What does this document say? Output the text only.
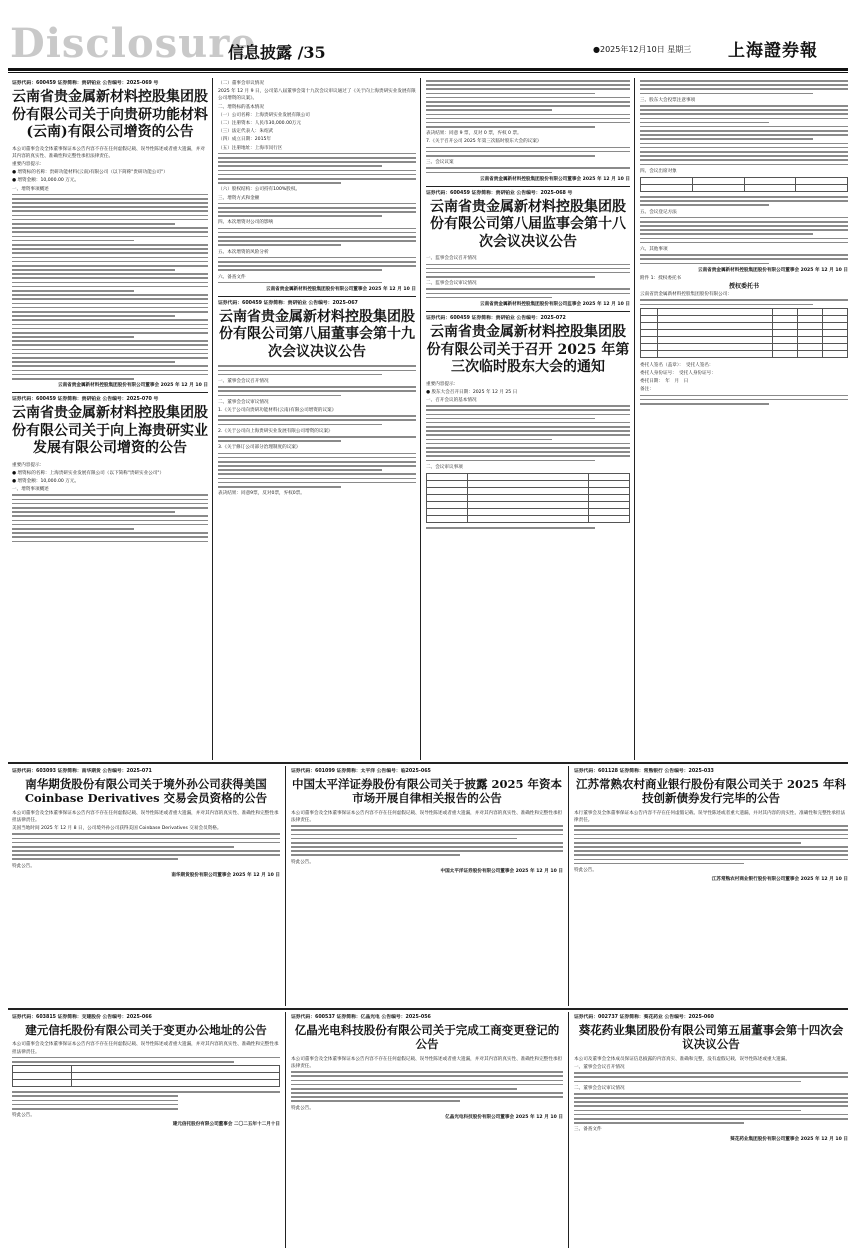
Disclosure
信息披露 /35	●2025年12月10日 星期三 上海證券報

证券代码：600459 证券简称：贵研铂业 公告编号：2025-069 号

云南省贵金属新材料控股集团股份有限公司关于向贵研功能材料(云南)有限公司增资的公告

本公司董事会及全体董事保证本公告内容不存在任何虚假记载、误导性陈述或者重大遗漏，并对其内容的真实性、准确性和完整性承担法律责任。

重要内容提示：

● 增资标的名称：贵研功能材料(云南)有限公司（以下简称"贵研功能公司"）

● 增资金额：10,000.00 万元。

一、增资事项概述

云南省贵金属新材料控股集团股份有限公司董事会 2025 年 12 月 10 日

证券代码：600459 证券简称：贵研铂业 公告编号：2025-070 号

云南省贵金属新材料控股集团股份有限公司关于向上海贵研实业发展有限公司增资的公告

重要内容提示：

● 增资标的名称：上海贵研实业发展有限公司（以下简称"贵研实业公司"）

● 增资金额：10,000.00 万元。

一、增资事项概述

（二）董事会审议情况

2025 年 12 月 9 日，公司第八届董事会第十九次会议审议通过了《关于向上海贵研实业发展有限公司增资的议案》。

二、增资标的基本情况

（一）公司名称：上海贵研实业发展有限公司

（二）注册资本：人民币30,000.00万元

（三）法定代表人：朱绍武

（四）成立日期：2015年

（五）注册地址：上海市闵行区

（六）股权结构：公司持有100%股权。

三、增资方式和金额

四、本次增资对公司的影响

五、本次增资的风险分析

六、备查文件

云南省贵金属新材料控股集团股份有限公司董事会 2025 年 12 月 10 日

证券代码：600459 证券简称：贵研铂业 公告编号：2025-067

云南省贵金属新材料控股集团股份有限公司第八届董事会第十九次会议决议公告

一、董事会会议召开情况

二、董事会会议审议情况

1.《关于公司向贵研功能材料(云南)有限公司增资的议案》

2.《关于公司向上海贵研实业发展有限公司增资的议案》

3.《关于修订公司部分治理制度的议案》

表决结果：同意9票，反对0票，弃权0票。

表决结果：同意 9 票，反对 0 票，弃权 0 票。

7.《关于召开公司 2025 年第三次临时股东大会的议案》

三、会议议案

云南省贵金属新材料控股集团股份有限公司董事会 2025 年 12 月 10 日

证券代码：600459 证券简称：贵研铂业 公告编号：2025-068 号

云南省贵金属新材料控股集团股份有限公司第八届监事会第十八次会议决议公告

一、监事会会议召开情况

二、监事会会议审议情况

云南省贵金属新材料控股集团股份有限公司监事会 2025 年 12 月 10 日

证券代码：600459 证券简称：贵研铂业 公告编号：2025-072

云南省贵金属新材料控股集团股份有限公司关于召开 2025 年第三次临时股东大会的通知

重要内容提示：

● 股东大会召开日期：2025 年 12 月 25 日

一、召开会议的基本情况

二、会议审议事项

三、股东大会投票注意事项

四、会议出席对象

五、会议登记方法

六、其他事项

云南省贵金属新材料控股集团股份有限公司董事会 2025 年 12 月 10 日

附件 1：授权委托书

授权委托书

云南省贵金属新材料控股集团股份有限公司：

委托人签名（盖章）：　受托人签名：

委托人身份证号：　受托人身份证号：

委托日期：　年　月　日

备注：

证券代码：603093 证券简称：南华期货 公告编号：2025-071

南华期货股份有限公司关于境外孙公司获得美国 Coinbase Derivatives 交易会员资格的公告

本公司董事会及全体董事保证本公告内容不存在任何虚假记载、误导性陈述或者重大遗漏，并对其内容的真实性、准确性和完整性承担法律责任。

美国当地时间 2025 年 12 月 8 日，公司境外孙公司获得美国 Coinbase Derivatives 交易会员资格。

特此公告。

南华期货股份有限公司董事会 2025 年 12 月 10 日

证券代码：601099 证券简称：太平洋 公告编号：临2025-065

中国太平洋证券股份有限公司关于披露 2025 年资本市场开展自律相关报告的公告

本公司董事会及全体董事保证本公告内容不存在任何虚假记载、误导性陈述或者重大遗漏，并对其内容的真实性、准确性和完整性承担法律责任。

特此公告。

中国太平洋证券股份有限公司董事会 2025 年 12 月 10 日

证券代码：601128 证券简称：常熟银行 公告编号：2025-033

江苏常熟农村商业银行股份有限公司关于 2025 年科技创新债券发行完毕的公告

本行董事会及全体董事保证本公告内容不存在任何虚假记载、误导性陈述或者重大遗漏，并对其内容的真实性、准确性和完整性承担法律责任。

特此公告。

江苏常熟农村商业银行股份有限公司董事会 2025 年 12 月 10 日

证券代码：603815 证券简称：交建股份 公告编号：2025-066

建元信托股份有限公司关于变更办公地址的公告

本公司董事会及全体董事保证本公告内容不存在任何虚假记载、误导性陈述或者重大遗漏，并对其内容的真实性、准确性和完整性承担法律责任。

特此公告。

建元信托股份有限公司董事会 二〇二五年十二月十日

证券代码：600537 证券简称：亿晶光电 公告编号：2025-056

亿晶光电科技股份有限公司关于完成工商变更登记的公告

本公司董事会及全体董事保证本公告内容不存在任何虚假记载、误导性陈述或者重大遗漏，并对其内容的真实性、准确性和完整性承担法律责任。

特此公告。

亿晶光电科技股份有限公司董事会 2025 年 12 月 10 日

证券代码：002737 证券简称：葵花药业 公告编号：2025-060

葵花药业集团股份有限公司第五届董事会第十四次会议决议公告

本公司及董事会全体成员保证信息披露的内容真实、准确和完整，没有虚假记载、误导性陈述或重大遗漏。

一、董事会会议召开情况

二、董事会会议审议情况

三、备查文件

葵花药业集团股份有限公司董事会 2025 年 12 月 10 日
